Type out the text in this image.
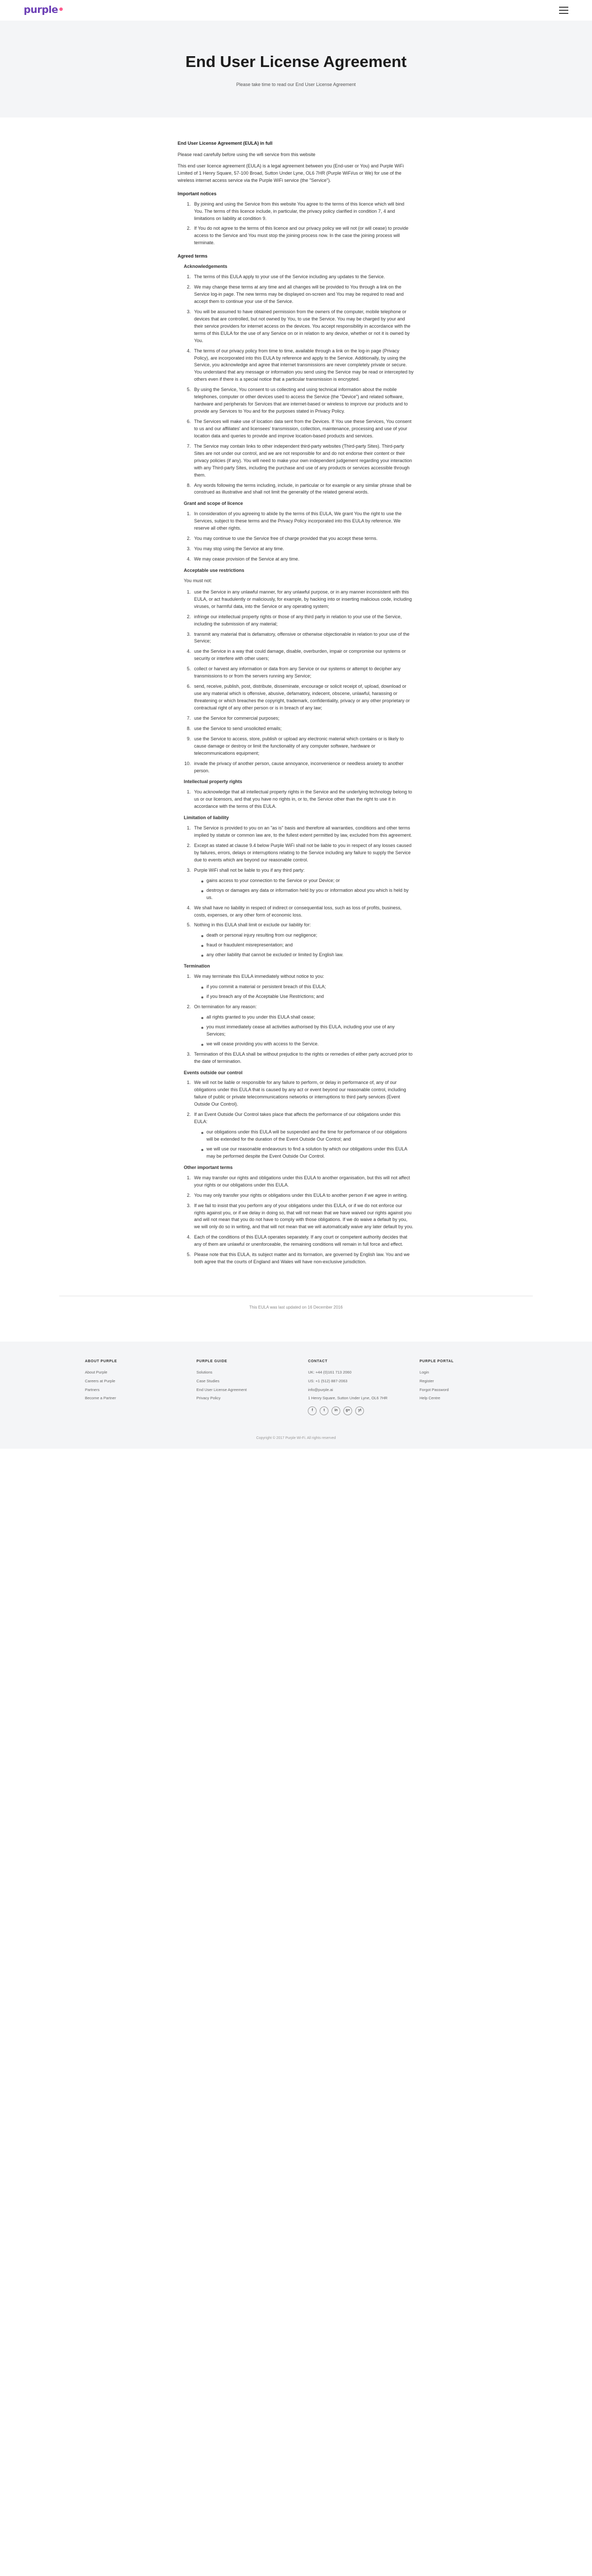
purple•
End User License Agreement

Please take time to read our End User License Agreement

End User License Agreement (EULA) in full

Please read carefully before using the wifi service from this website

This end user licence agreement (EULA) is a legal agreement between you (End-user or You) and Purple WiFi Limited of 1 Henry Square, 57-100 Broad, Sutton Under Lyne, OL6 7HR (Purple WiFi/us or We) for use of the wireless internet access service via the Purple WiFi service (the "Service").

Important notices
1. By joining and using the Service from this website You agree to the terms of this licence which will bind You. The terms of this licence include, in particular, the privacy policy clarified in condition 7, 4 and limitations on liability at condition 9.
2. If You do not agree to the terms of this licence and our privacy policy we will not (or will cease) to provide access to the Service and You must stop the joining process now. In the case the joining process will terminate.
Agreed terms
Acknowledgements
1. The terms of this EULA apply to your use of the Service including any updates to the Service.
2. We may change these terms at any time and all changes will be provided to You through a link on the Service log-in page. The new terms may be displayed on-screen and You may be required to read and accept them to continue your use of the Service.
3. You will be assumed to have obtained permission from the owners of the computer, mobile telephone or devices that are controlled, but not owned by You, to use the Service. You may be charged by your and their service providers for internet access on the devices. You accept responsibility in accordance with the terms of this EULA for the use of any Service on or in relation to any device, whether or not it is owned by You.
4. The terms of our privacy policy from time to time, available through a link on the log-in page (Privacy Policy), are incorporated into this EULA by reference and apply to the Service. Additionally, by using the Service, you acknowledge and agree that internet transmissions are never completely private or secure. You understand that any message or information you send using the Service may be read or intercepted by others even if there is a special notice that a particular transmission is encrypted.
5. By using the Service, You consent to us collecting and using technical information about the mobile telephones, computer or other devices used to access the Service (the "Device") and related software, hardware and peripherals for Services that are internet-based or wireless to improve our products and to provide any Services to You and for the purposes stated in Privacy Policy.
6. The Services will make use of location data sent from the Devices. If You use these Services, You consent to us and our affiliates' and licensees' transmission, collection, maintenance, processing and use of your location data and queries to provide and improve location-based products and services.
7. The Service may contain links to other independent third-party websites (Third-party Sites). Third-party Sites are not under our control, and we are not responsible for and do not endorse their content or their privacy policies (if any). You will need to make your own independent judgement regarding your interaction with any Third-party Sites, including the purchase and use of any products or services accessible through them.
8. Any words following the terms including, include, in particular or for example or any similar phrase shall be construed as illustrative and shall not limit the generality of the related general words.
Grant and scope of licence
1. In consideration of you agreeing to abide by the terms of this EULA, We grant You the right to use the Services, subject to these terms and the Privacy Policy incorporated into this EULA by reference. We reserve all other rights.
2. You may continue to use the Service free of charge provided that you accept these terms.
3. You may stop using the Service at any time.
4. We may cease provision of the Service at any time.
Acceptable use restrictions
You must not:
1. use the Service in any unlawful manner, for any unlawful purpose, or in any manner inconsistent with this EULA, or act fraudulently or maliciously, for example, by hacking into or inserting malicious code, including viruses, or harmful data, into the Service or any operating system;
2. infringe our intellectual property rights or those of any third party in relation to your use of the Service, including the submission of any material;
3. transmit any material that is defamatory, offensive or otherwise objectionable in relation to your use of the Service;
4. use the Service in a way that could damage, disable, overburden, impair or compromise our systems or security or interfere with other users;
5. collect or harvest any information or data from any Service or our systems or attempt to decipher any transmissions to or from the servers running any Service;
6. send, receive, publish, post, distribute, disseminate, encourage or solicit receipt of, upload, download or use any material which is offensive, abusive, defamatory, indecent, obscene, unlawful, harassing or threatening or which breaches the copyright, trademark, confidentiality, privacy or any other proprietary or contractual right of any other person or is in breach of any law;
7. use the Service for commercial purposes;
8. use the Service to send unsolicited emails;
9. use the Service to access, store, publish or upload any electronic material which contains or is likely to cause damage or destroy or limit the functionality of any computer software, hardware or telecommunications equipment;
10. invade the privacy of another person, cause annoyance, inconvenience or needless anxiety to another person.
Intellectual property rights
1. You acknowledge that all intellectual property rights in the Service and the underlying technology belong to us or our licensors, and that you have no rights in, or to, the Service other than the right to use it in accordance with the terms of this EULA.
Limitation of liability
1. The Service is provided to you on an "as is" basis and therefore all warranties, conditions and other terms implied by statute or common law are, to the fullest extent permitted by law, excluded from this agreement.
2. Except as stated at clause 9.4 below Purple WiFi shall not be liable to you in respect of any losses caused by failures, errors, delays or interruptions relating to the Service including any failure to supply the Service due to events which are beyond our reasonable control.
3. Purple WiFi shall not be liable to you if any third party:
gains access to your connection to the Service or your Device; or
destroys or damages any data or information held by you or information about you which is held by us.
4. We shall have no liability in respect of indirect or consequential loss, such as loss of profits, business, costs, expenses, or any other form of economic loss.
5. Nothing in this EULA shall limit or exclude our liability for:
death or personal injury resulting from our negligence;
fraud or fraudulent misrepresentation; and
any other liability that cannot be excluded or limited by English law.
Termination
1. We may terminate this EULA immediately without notice to you:
if you commit a material or persistent breach of this EULA;
if you breach any of the Acceptable Use Restrictions; and
2. On termination for any reason:
all rights granted to you under this EULA shall cease;
you must immediately cease all activities authorised by this EULA, including your use of any Services;
we will cease providing you with access to the Service.
3. Termination of this EULA shall be without prejudice to the rights or remedies of either party accrued prior to the date of termination.
Events outside our control
1. We will not be liable or responsible for any failure to perform, or delay in performance of, any of our obligations under this EULA that is caused by any act or event beyond our reasonable control, including failure of public or private telecommunications networks or interruptions to third party services (Event Outside Our Control).
2. If an Event Outside Our Control takes place that affects the performance of our obligations under this EULA:
our obligations under this EULA will be suspended and the time for performance of our obligations will be extended for the duration of the Event Outside Our Control; and
we will use our reasonable endeavours to find a solution by which our obligations under this EULA may be performed despite the Event Outside Our Control.
Other important terms
1. We may transfer our rights and obligations under this EULA to another organisation, but this will not affect your rights or our obligations under this EULA.
2. You may only transfer your rights or obligations under this EULA to another person if we agree in writing.
3. If we fail to insist that you perform any of your obligations under this EULA, or if we do not enforce our rights against you, or if we delay in doing so, that will not mean that we have waived our rights against you and will not mean that you do not have to comply with those obligations. If we do waive a default by you, we will only do so in writing, and that will not mean that we will automatically waive any later default by you.
4. Each of the conditions of this EULA operates separately. If any court or competent authority decides that any of them are unlawful or unenforceable, the remaining conditions will remain in full force and effect.
5. Please note that this EULA, its subject matter and its formation, are governed by English law. You and we both agree that the courts of England and Wales will have non-exclusive jurisdiction.
This EULA was last updated on 16 December 2016
ABOUT PURPLE
About Purple
Careers at Purple
Partners
Become a Partner
PURPLE GUIDE
Solutions
Case Studies
End User License Agreement
Privacy Policy
CONTACT
UK: +44 (0)161 713 2060
US: +1 (512) 887-2063
info@purple.ai
1 Henry Square, Sutton Under Lyne, OL6 7HR
f	t	in	g+	yt
PURPLE PORTAL
Login
Register
Forgot Password
Help Centre
Copyright © 2017 Purple Wi-Fi. All rights reserved
